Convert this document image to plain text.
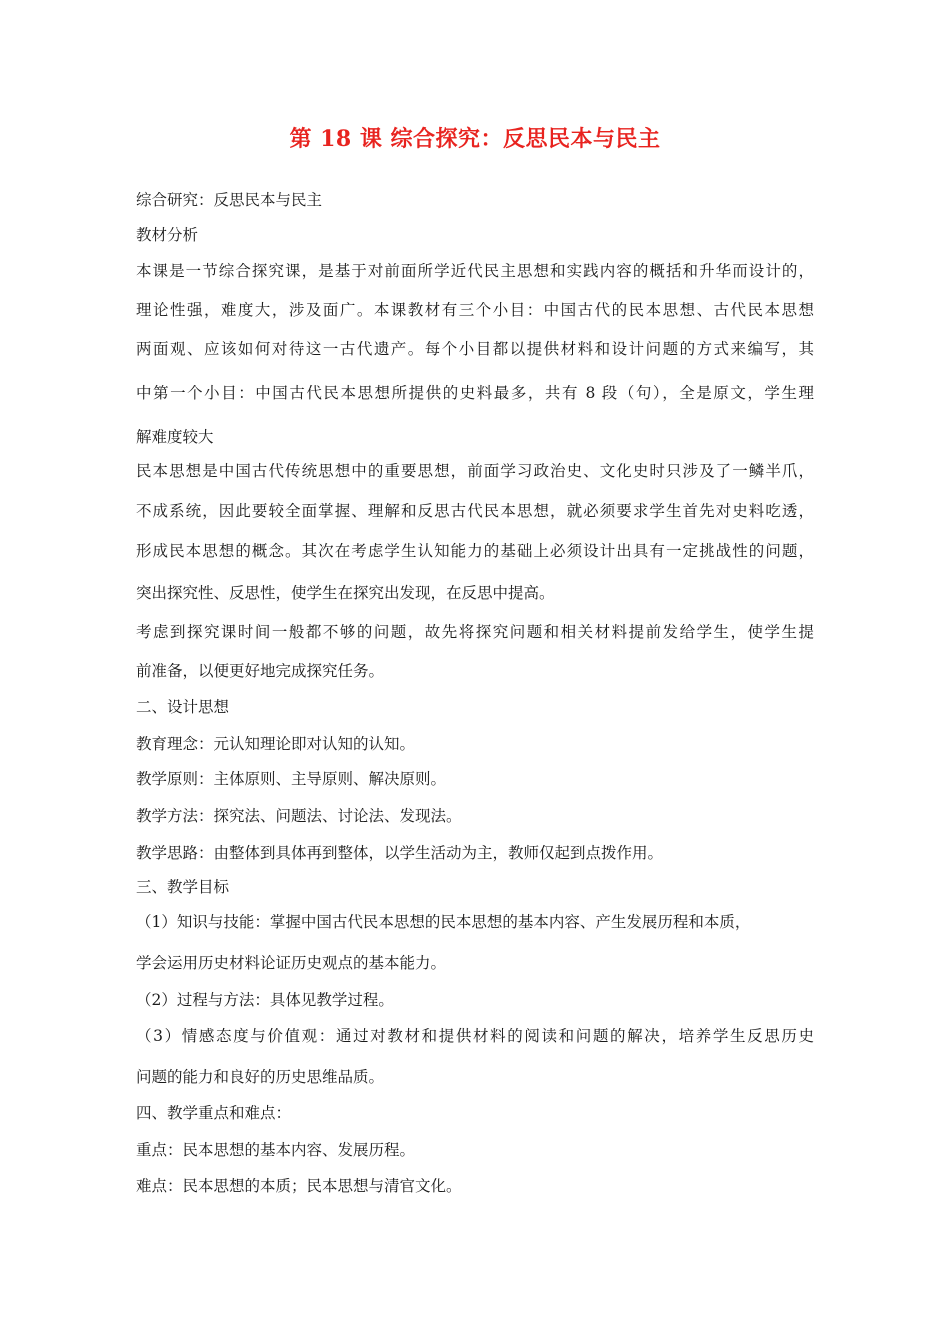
第 18 课 综合探究：反思民本与民主
综合研究：反思民本与民主
教材分析
本课是一节综合探究课，是基于对前面所学近代民主思想和实践内容的概括和升华而设计的，
理论性强，难度大，涉及面广。本课教材有三个小目：中国古代的民本思想、古代民本思想
两面观、应该如何对待这一古代遗产。每个小目都以提供材料和设计问题的方式来编写，其
中第一个小目：中国古代民本思想所提供的史料最多，共有 8 段（句），全是原文，学生理
解难度较大
民本思想是中国古代传统思想中的重要思想，前面学习政治史、文化史时只涉及了一鳞半爪，
不成系统，因此要较全面掌握、理解和反思古代民本思想，就必须要求学生首先对史料吃透，
形成民本思想的概念。其次在考虑学生认知能力的基础上必须设计出具有一定挑战性的问题，
突出探究性、反思性，使学生在探究出发现，在反思中提高。
考虑到探究课时间一般都不够的问题，故先将探究问题和相关材料提前发给学生，使学生提
前准备，以便更好地完成探究任务。
二、设计思想
教育理念：元认知理论即对认知的认知。
教学原则：主体原则、主导原则、解决原则。
教学方法：探究法、问题法、讨论法、发现法。
教学思路：由整体到具体再到整体，以学生活动为主，教师仅起到点拨作用。
三、教学目标
（1）知识与技能：掌握中国古代民本思想的民本思想的基本内容、产生发展历程和本质，
学会运用历史材料论证历史观点的基本能力。
（2）过程与方法：具体见教学过程。
（3）情感态度与价值观：通过对教材和提供材料的阅读和问题的解决，培养学生反思历史
问题的能力和良好的历史思维品质。
四、教学重点和难点：
重点：民本思想的基本内容、发展历程。
难点：民本思想的本质；民本思想与清官文化。
